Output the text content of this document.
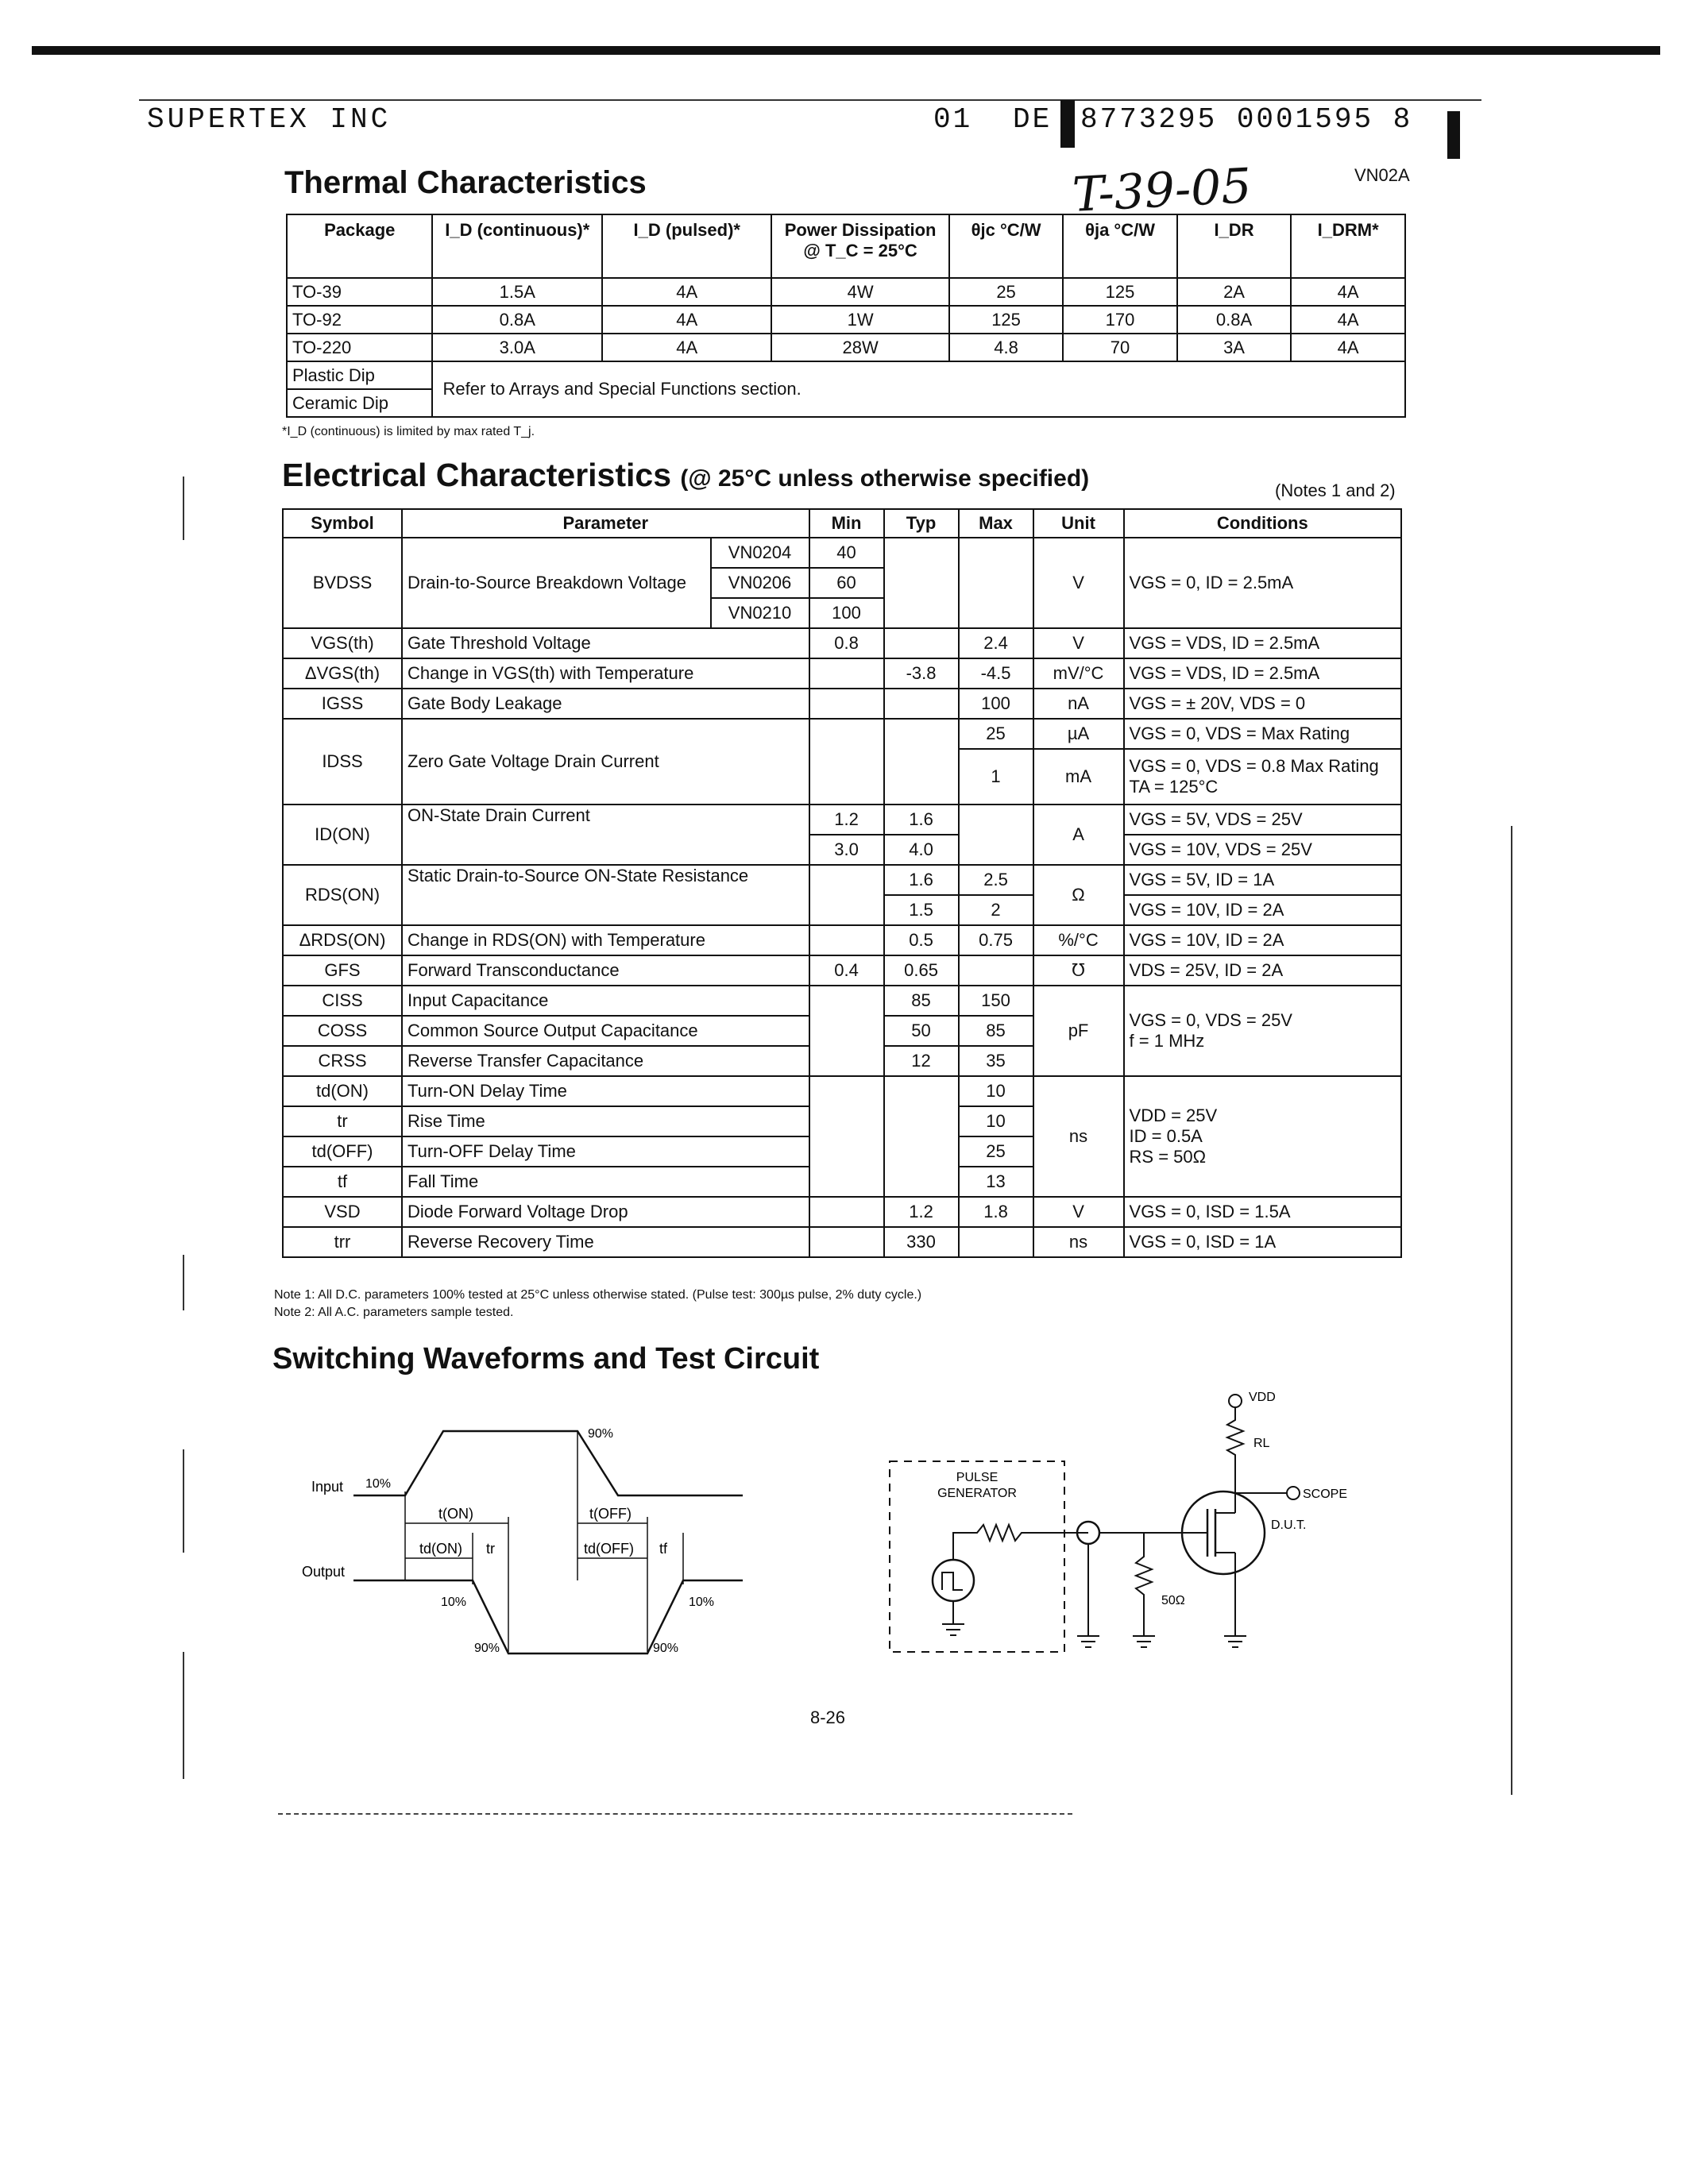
SUPERTEX INC	01 DE 8773295 0001595 8
T-39-05	VN02A
Thermal Characteristics
Package	I_D (continuous)*	I_D (pulsed)*	Power Dissipation @ T_C = 25°C	θjc °C/W	θja °C/W	I_DR	I_DRM*
TO-39	1.5A	4A	4W	25	125	2A	4A
TO-92	0.8A	4A	1W	125	170	0.8A	4A
TO-220	3.0A	4A	28W	4.8	70	3A	4A
Plastic Dip	Refer to Arrays and Special Functions section.						
Ceramic Dip							
*I_D (continuous) is limited by max rated T_j.
Electrical Characteristics (@ 25°C unless otherwise specified)	(Notes 1 and 2)
Symbol	Parameter		Min	Typ	Max	Unit	Conditions
BVDSS	Drain-to-Source Breakdown Voltage	VN0204	40			V	VGS = 0, ID = 2.5mA
		VN0206	60				
		VN0210	100				
VGS(th)	Gate Threshold Voltage		0.8		2.4	V	VGS = VDS, ID = 2.5mA
ΔVGS(th)	Change in VGS(th) with Temperature			-3.8	-4.5	mV/°C	VGS = VDS, ID = 2.5mA
IGSS	Gate Body Leakage				100	nA	VGS = ± 20V, VDS = 0
IDSS	Zero Gate Voltage Drain Current				25	µA	VGS = 0, VDS = Max Rating
					1	mA	VGS = 0, VDS = 0.8 Max Rating
TA = 125°C

ID(ON)	ON-State Drain Current		1.2	1.6		A	VGS = 5V, VDS = 25V
			3.0	4.0			VGS = 10V, VDS = 25V
RDS(ON)	Static Drain-to-Source ON-State Resistance			1.6	2.5	Ω	VGS = 5V, ID = 1A
				1.5	2		VGS = 10V, ID = 2A
ΔRDS(ON)	Change in RDS(ON) with Temperature			0.5	0.75	%/°C	VGS = 10V, ID = 2A
GFS	Forward Transconductance		0.4	0.65		℧	VDS = 25V, ID = 2A
CISS	Input Capacitance			85	150	pF	VGS = 0, VDS = 25V
f = 1 MHz

COSS	Common Source Output Capacitance			50	85		
CRSS	Reverse Transfer Capacitance			12	35		
td(ON)	Turn-ON Delay Time				10	ns	VDD = 25V
ID = 0.5A
RS = 50Ω

tr	Rise Time				10		
td(OFF)	Turn-OFF Delay Time				25		
tf	Fall Time				13		
VSD	Diode Forward Voltage Drop			1.2	1.8	V	VGS = 0, ISD = 1.5A
trr	Reverse Recovery Time			330		ns	VGS = 0, ISD = 1A
Note 1: All D.C. parameters 100% tested at 25°C unless otherwise stated. (Pulse test: 300µs pulse, 2% duty cycle.)
Note 2: All A.C. parameters sample tested.
Switching Waveforms and Test Circuit
Input 10%
90%
Output
10%
90%
10%
90%
t(ON)	t(OFF)
td(ON) tr	td(OFF) tf
PULSE
GENERATOR
50Ω
VDD
RL
SCOPE
D.U.T.
8-26
